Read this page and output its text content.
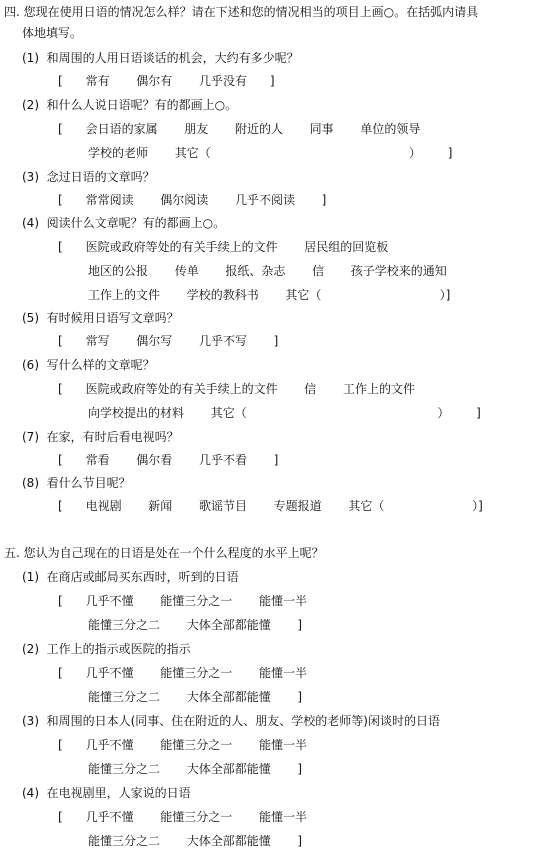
四. 您现在使用日语的情况怎么样？请在下述和您的情况相当的项目上画○。在括弧内请具
体地填写。
(1)  和周围的人用日语谈话的机会，大约有多少呢？
[      常有       偶尔有       几乎没有      ]
(2)  和什么人说日语呢？有的都画上○。
[      会日语的家属       朋友       附近的人       同事       单位的领导
学校的老师       其它（                                                    ）       ]
(3)  念过日语的文章吗？
[      常常阅读       偶尔阅读       几乎不阅读       ]
(4)  阅读什么文章呢？有的都画上○。
[      医院或政府等处的有关手续上的文件       居民组的回览板
地区的公报       传单       报纸、杂志       信       孩子学校来的通知
工作上的文件       学校的教科书       其它（                               ）]
(5)  有时候用日语写文章吗？
[      常写       偶尔写       几乎不写       ]
(6)  写什么样的文章呢？
[      医院或政府等处的有关手续上的文件       信       工作上的文件
向学校提出的材料       其它（                                                  ）       ]
(7)  在家，有时后看电视吗？
[      常看       偶尔看       几乎不看       ]
(8)  看什么节目呢？
[      电视剧       新闻       歌谣节目       专题报道       其它（                       ）]
五. 您认为自己现在的日语是处在一个什么程度的水平上呢？
(1)  在商店或邮局买东西时，听到的日语
[      几乎不懂       能懂三分之一       能懂一半
能懂三分之二       大体全部都能懂       ]
(2)  工作上的指示或医院的指示
[      几乎不懂       能懂三分之一       能懂一半
能懂三分之二       大体全部都能懂       ]
(3)  和周围的日本人(同事、住在附近的人、朋友、学校的老师等)闲谈时的日语
[      几乎不懂       能懂三分之一       能懂一半
能懂三分之二       大体全部都能懂       ]
(4)  在电视剧里，人家说的日语
[      几乎不懂       能懂三分之一       能懂一半
能懂三分之二       大体全部都能懂       ]
